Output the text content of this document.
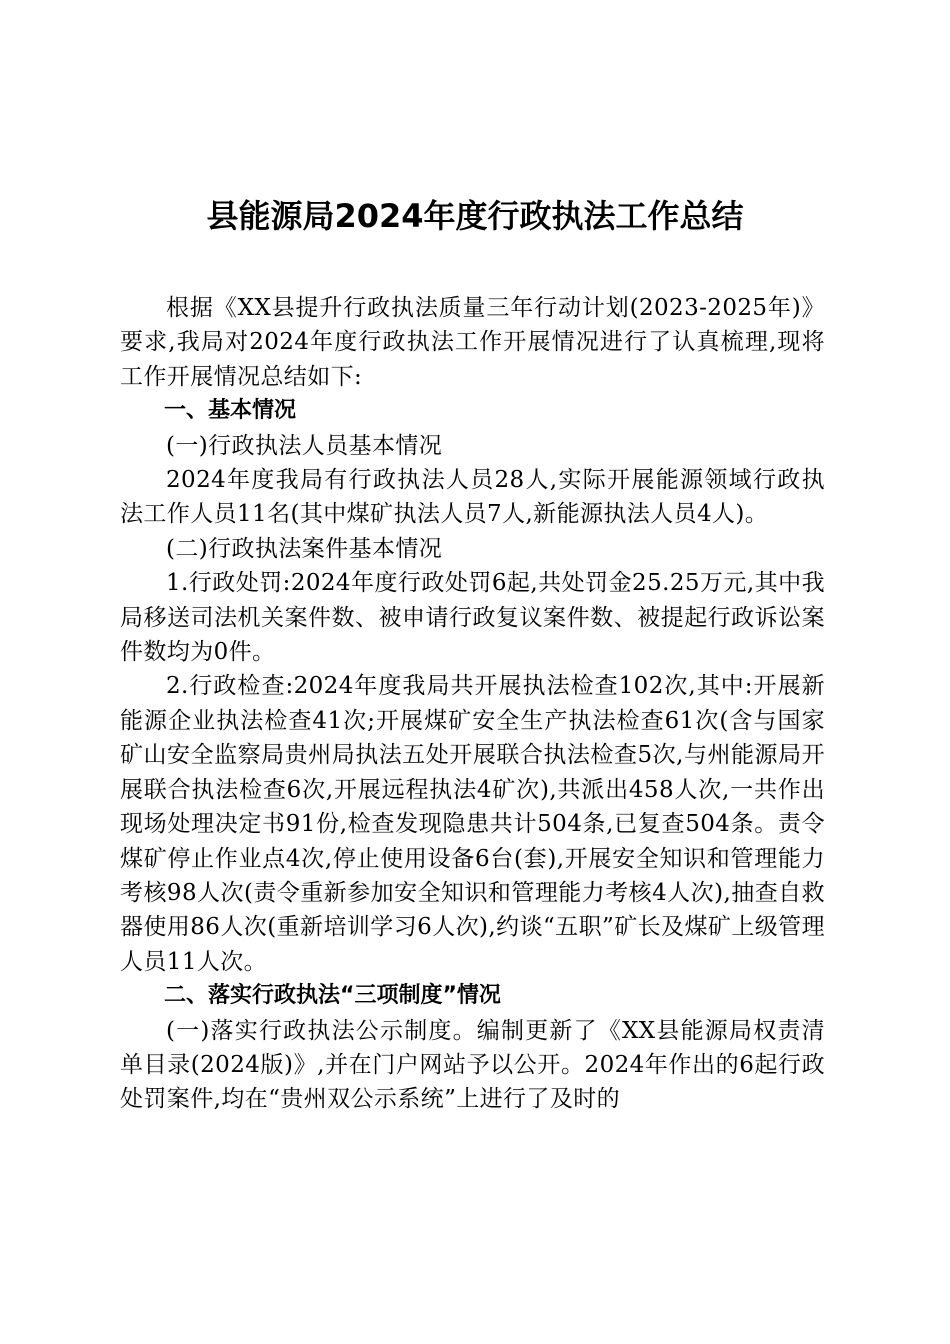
县能源局2024年度行政执法工作总结

根据《XX县提升行政执法质量三年行动计划(2023-2025年)》要求,我局对2024年度行政执法工作开展情况进行了认真梳理,现将工作开展情况总结如下:

一、基本情况

(一)行政执法人员基本情况

2024年度我局有行政执法人员28人,实际开展能源领域行政执法工作人员11名(其中煤矿执法人员7人,新能源执法人员4人)。

(二)行政执法案件基本情况

1.行政处罚:2024年度行政处罚6起,共处罚金25.25万元,其中我局移送司法机关案件数、被申请行政复议案件数、被提起行政诉讼案件数均为0件。

2.行政检查:2024年度我局共开展执法检查102次,其中:开展新能源企业执法检查41次;开展煤矿安全生产执法检查61次(含与国家矿山安全监察局贵州局执法五处开展联合执法检查5次,与州能源局开展联合执法检查6次,开展远程执法4矿次),共派出458人次,一共作出现场处理决定书91份,检查发现隐患共计504条,已复查504条。责令煤矿停止作业点4次,停止使用设备6台(套),开展安全知识和管理能力考核98人次(责令重新参加安全知识和管理能力考核4人次),抽查自救器使用86人次(重新培训学习6人次),约谈“五职”矿长及煤矿上级管理人员11人次。

二、落实行政执法“三项制度”情况

(一)落实行政执法公示制度。编制更新了《XX县能源局权责清单目录(2024版)》,并在门户网站予以公开。2024年作出的6起行政处罚案件,均在“贵州双公示系统”上进行了及时的
